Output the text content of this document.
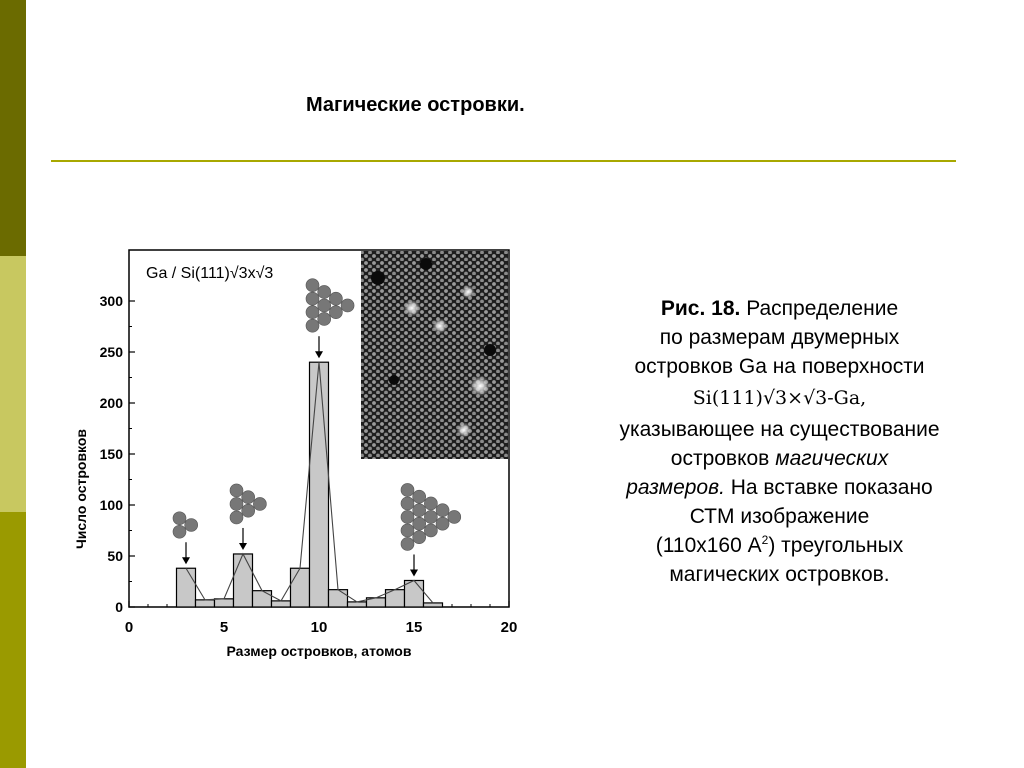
Магические островки.
Ga / Si(111)√3x√3
Число островков
Размер островков, атомов
0
50
100
150
200
250
300
0	5	10	15	20
Рис. 18. Распределение
по размерам двумерных
островков Ga на поверхности
Si(111)√3×√3-Ga,
указывающее на существование
островков магических
размеров. На вставке показано
СТМ изображение
(110x160 $А^2$) треугольных
магических островков.
